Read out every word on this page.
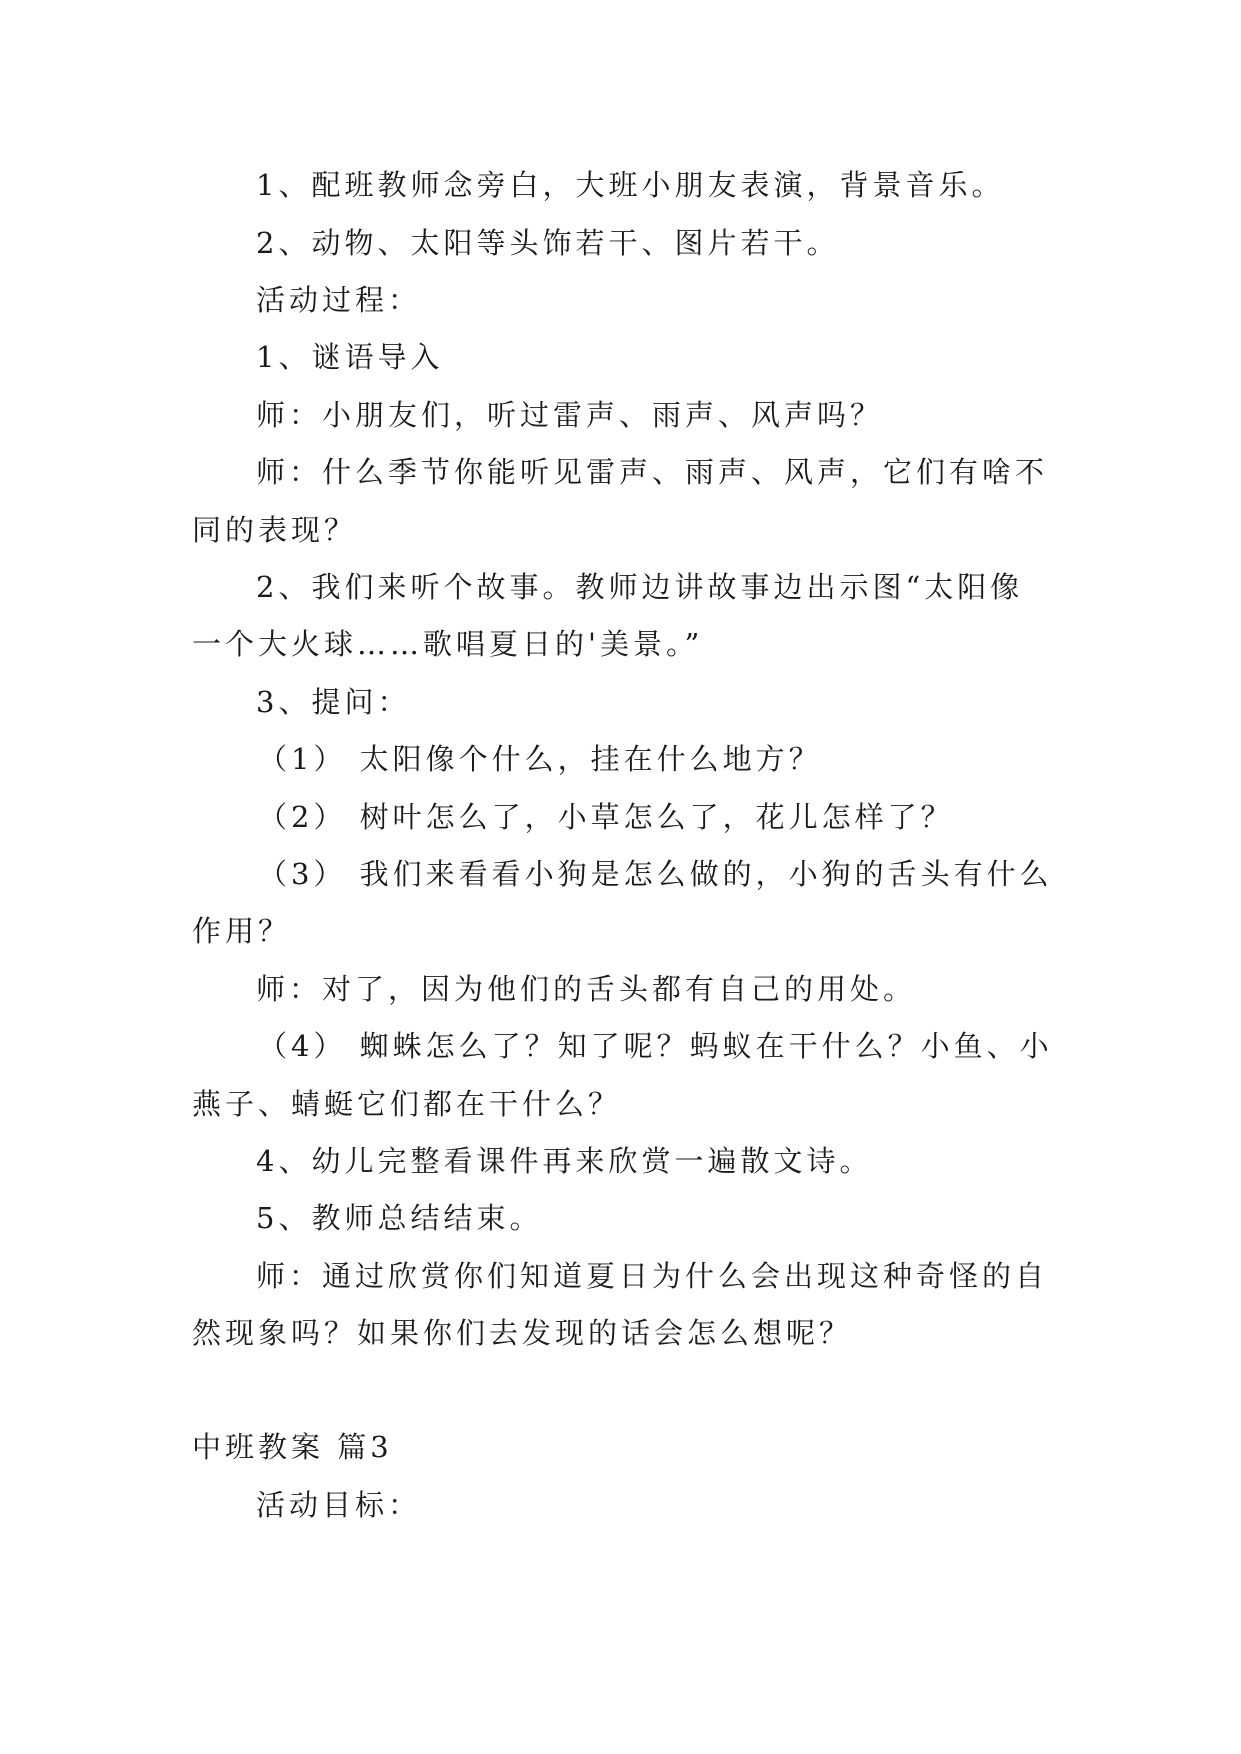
1、配班教师念旁白，大班小朋友表演，背景音乐。
2、动物、太阳等头饰若干、图片若干。
活动过程：
1、谜语导入
师：小朋友们，听过雷声、雨声、风声吗？
师：什么季节你能听见雷声、雨声、风声，它们有啥不
同的表现？
2、我们来听个故事。教师边讲故事边出示图“太阳像
一个大火球……歌唱夏日的'美景。”
3、提问：
（1） 太阳像个什么，挂在什么地方？
（2） 树叶怎么了，小草怎么了，花儿怎样了？
（3） 我们来看看小狗是怎么做的，小狗的舌头有什么
作用？
师：对了，因为他们的舌头都有自己的用处。
（4） 蜘蛛怎么了？知了呢？蚂蚁在干什么？小鱼、小
燕子、蜻蜓它们都在干什么？
4、幼儿完整看课件再来欣赏一遍散文诗。
5、教师总结结束。
师：通过欣赏你们知道夏日为什么会出现这种奇怪的自
然现象吗？如果你们去发现的话会怎么想呢？
中班教案 篇3
活动目标：
